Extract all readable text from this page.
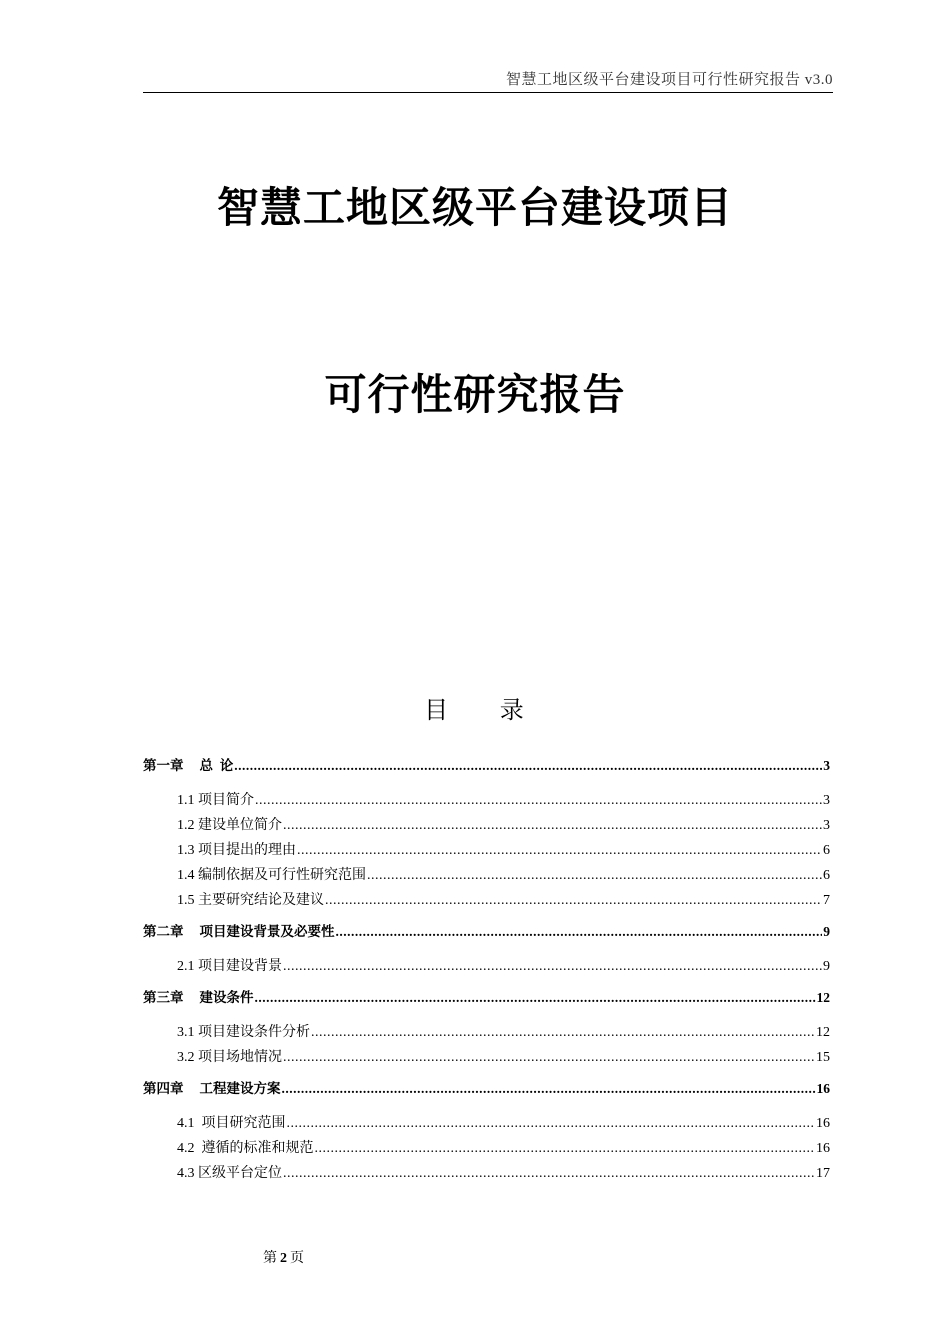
智慧工地区级平台建设项目可行性研究报告 v3.0
智慧工地区级平台建设项目
可行性研究报告
目 录
第一章 总  论 .....	3
1.1 项目简介 .....	3
1.2 建设单位简介 .....	3
1.3 项目提出的理由 .....	6
1.4 编制依据及可行性研究范围 .....	6
1.5 主要研究结论及建议 .....	7
第二章 项目建设背景及必要性 .....	9
2.1 项目建设背景 .....	9
第三章 建设条件 .....	12
3.1 项目建设条件分析 .....	12
3.2 项目场地情况 .....	15
第四章 工程建设方案 .....	16
4.1  项目研究范围 .....	16
4.2  遵循的标准和规范 .....	16
4.3 区级平台定位 .....	17
第 2 页
